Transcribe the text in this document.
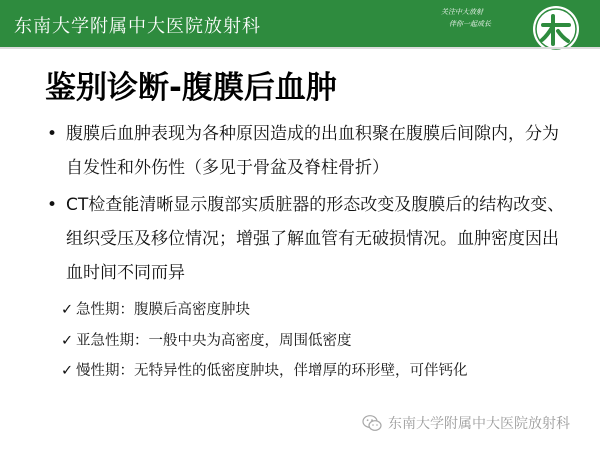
东南大学附属中大医院放射科
关注中大放射
伴你一起成长
鉴别诊断-腹膜后血肿
• 腹膜后血肿表现为各种原因造成的出血积聚在腹膜后间隙内，分为自发性和外伤性（多见于骨盆及脊柱骨折）
• CT检查能清晰显示腹部实质脏器的形态改变及腹膜后的结构改变、组织受压及移位情况；增强了解血管有无破损情况。血肿密度因出血时间不同而异
✓ 急性期：腹膜后高密度肿块
✓ 亚急性期：一般中央为高密度，周围低密度
✓ 慢性期：无特异性的低密度肿块，伴增厚的环形壁，可伴钙化
东南大学附属中大医院放射科
